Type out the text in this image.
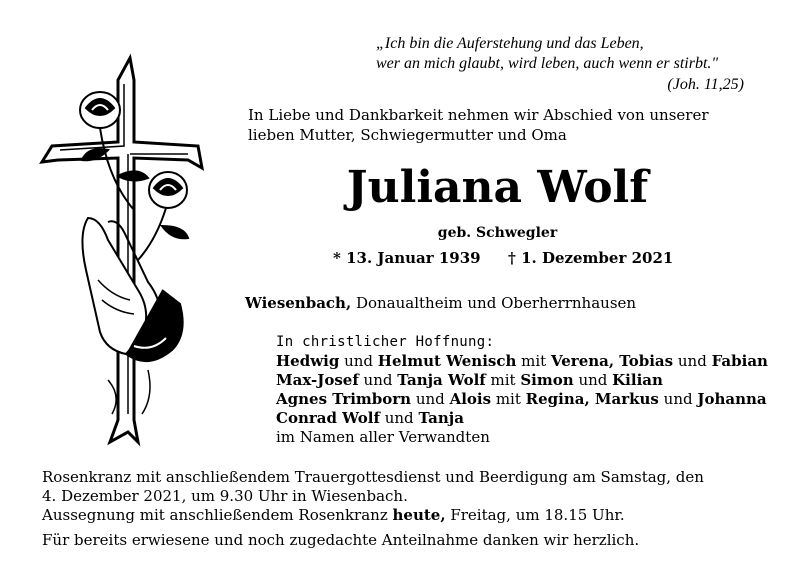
„Ich bin die Auferstehung und das Leben,
wer an mich glaubt, wird leben, auch wenn er stirbt."
(Joh. 11,25)
In Liebe und Dankbarkeit nehmen wir Abschied von unserer
lieben Mutter, Schwiegermutter und Oma
Juliana Wolf
geb. Schwegler
* 13. Januar 1939 † 1. Dezember 2021
Wiesenbach, Donaualtheim und Oberherrnhausen
In christlicher Hoffnung:
Hedwig und Helmut Wenisch mit Verena, Tobias und Fabian
Max-Josef und Tanja Wolf mit Simon und Kilian
Agnes Trimborn und Alois mit Regina, Markus und Johanna
Conrad Wolf und Tanja
im Namen aller Verwandten
Rosenkranz mit anschließendem Trauergottesdienst und Beerdigung am Samstag, den
4. Dezember 2021, um 9.30 Uhr in Wiesenbach.
Aussegnung mit anschließendem Rosenkranz heute, Freitag, um 18.15 Uhr.
Für bereits erwiesene und noch zugedachte Anteilnahme danken wir herzlich.
